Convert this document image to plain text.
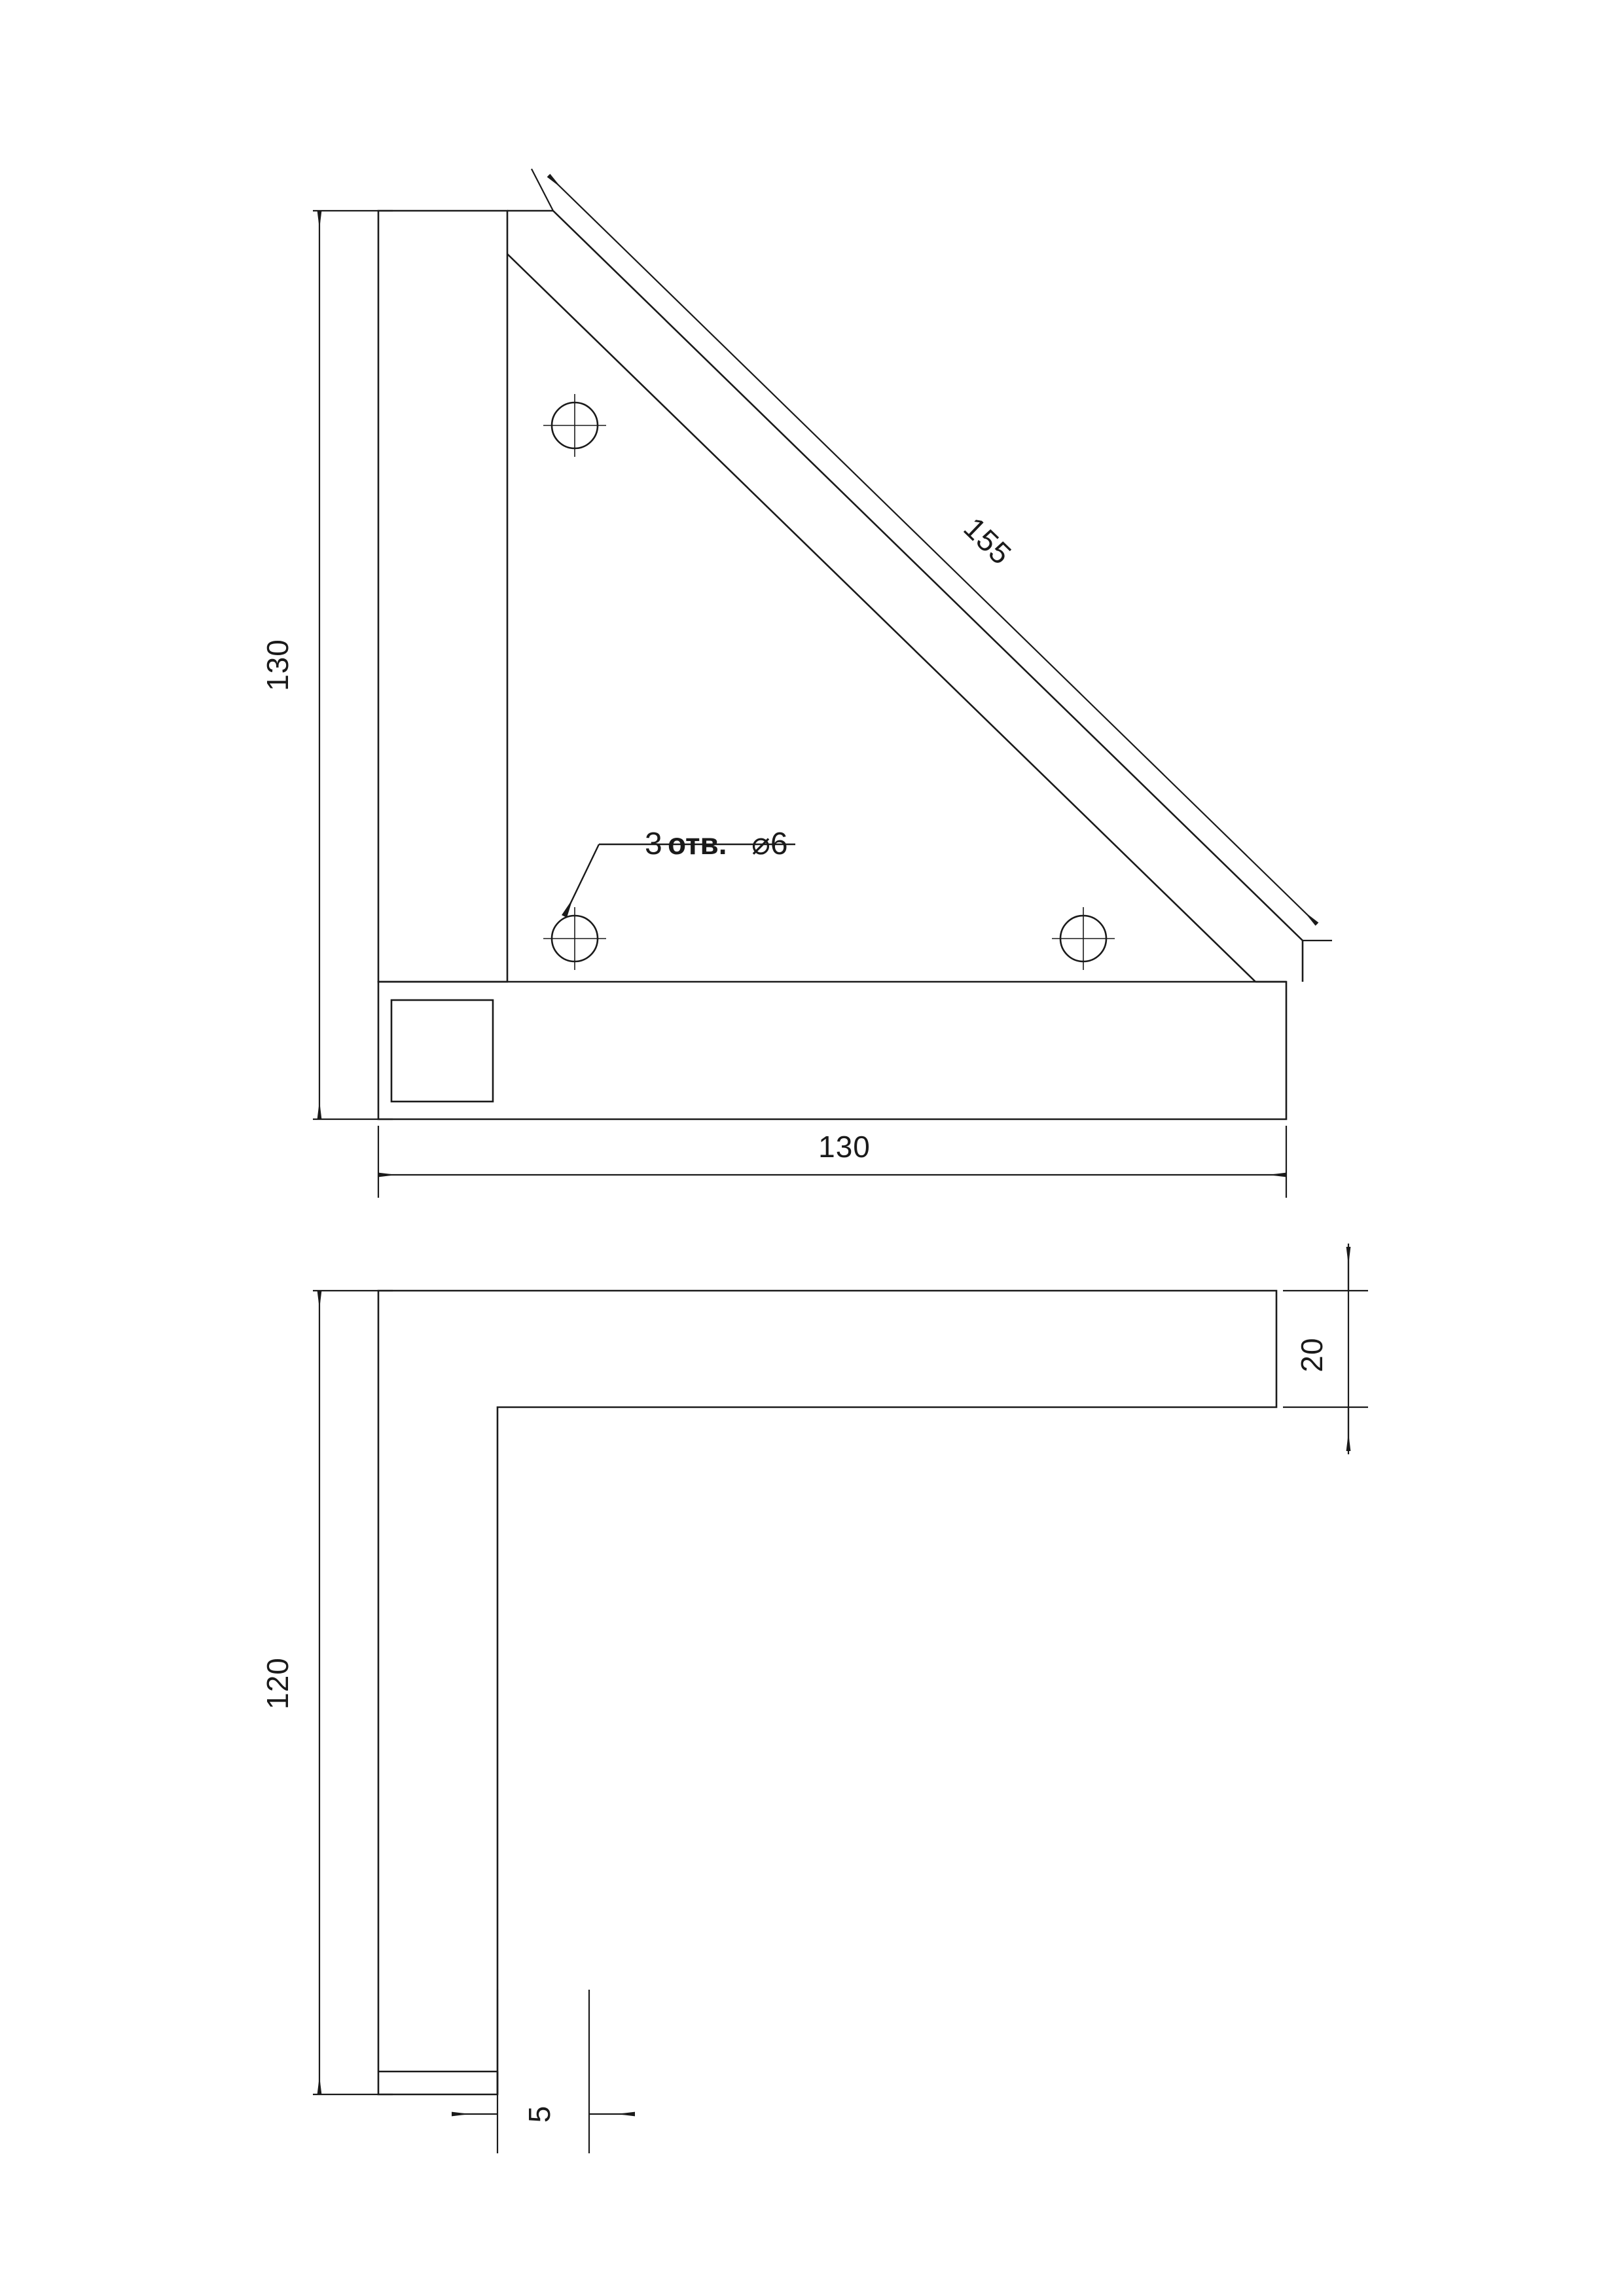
130
130
155
120
20
5
3 отв. ⌀6
